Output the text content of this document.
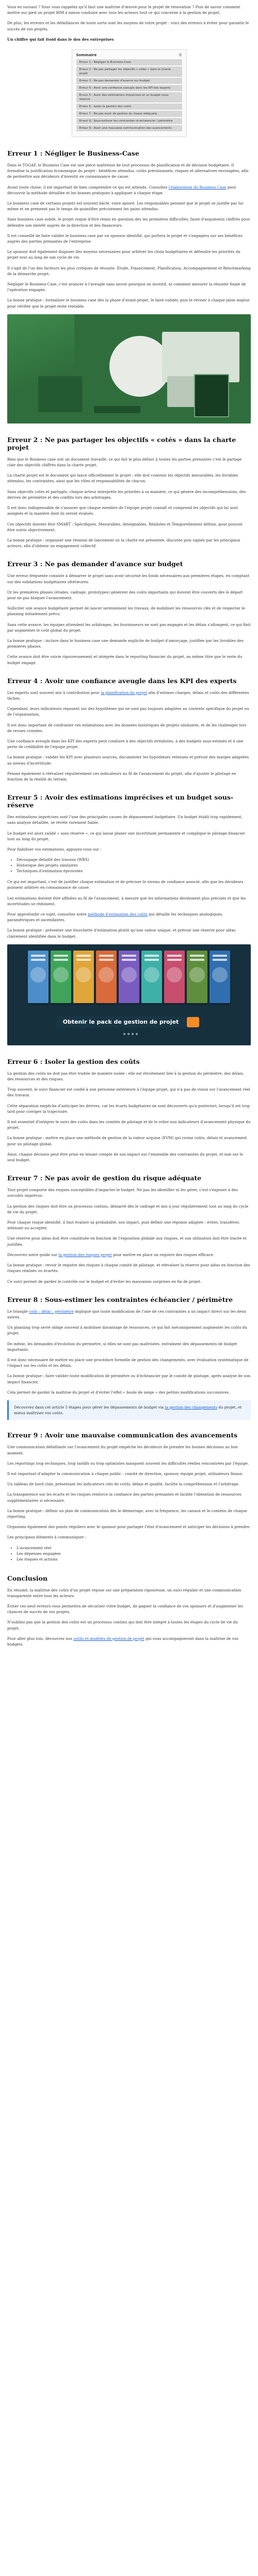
Vous en sursaut ? Vous vous rappelez qu'il faut une maîtrise d'œuvre pour le projet de rénovation ? Puis de savoir comment mettre sur pied un projet BIM à mieux conduire avec tous les acteurs tout ce qui concerne à la gestion de projet.

De plus, les erreurs et les défaillances de toute sorte sont les moyens de votre projet : voici des erreurs à éviter pour garantir le succès de vos projets.

Un chiffre qui fait froid dans le dos des entreprises

Sommaire	☰
Erreur 1 : Négliger le Business-Case
Erreur 2 : Ne pas partager les objectifs « cotés » dans la charte projet
Erreur 3 : Ne pas demander d'avance sur budget
Erreur 4 : Avoir une confiance aveugle dans les KPI des experts
Erreur 5 : Avoir des estimations imprécises et un budget sous-réserve
Erreur 6 : Isoler la gestion des coûts
Erreur 7 : Ne pas avoir de gestion du risque adéquate
Erreur 8 : Sous-estimer les contraintes ré-échéancier / périmètre
Erreur 9 : Avoir une mauvaise communication des avancements
Erreur 1 : Négliger le Business-Case

Dans le TOGAF, le Business Case est une pièce maîtresse de tout processus de planification et de décision budgétaire. Il formalise la justification économique du projet : bénéfices attendus, coûts prévisionnels, risques et alternatives envisagées, afin de permettre aux décideurs d'investir en connaissance de cause.

Avant toute chose, il est important de bien comprendre ce qui est attendu. Consultez l'élaboration du Business Case pour découvrir la méthode détaillée et les bonnes pratiques à appliquer à chaque étape.

Le business case de certains projets est souvent bâclé, voire ignoré. Les responsables pensent que le projet se justifie par lui-même et ne prennent pas le temps de quantifier précisément les gains attendus.

Sans business case solide, le projet risque d'être remis en question dès les premières difficultés, faute d'arguments chiffrés pour défendre son intérêt auprès de la direction et des financeurs.

Il est conseillé de faire valider le business case par un sponsor identifié, qui portera le projet et s'engagera sur ses bénéfices auprès des parties prenantes de l'entreprise.

Le sponsor doit également disposer des moyens nécessaires pour arbitrer les choix budgétaires et défendre les priorités du projet tout au long de son cycle de vie.

Il s'agit de l'un des facteurs les plus critiques de réussite. Étude, Financement, Planification, Accompagnement et Benchmarking de la démarche projet.

Négliger le Business-Case, c'est avancer à l'aveugle sans savoir pourquoi on investit, ni comment mesurer la réussite finale de l'opération engagée.

La bonne pratique : formaliser le business case dès la phase d'avant-projet, le faire valider, puis le réviser à chaque jalon majeur pour vérifier que le projet reste rentable.

Erreur 2 : Ne pas partager les objectifs « cotés » dans la charte projet

Bien que le Business case soit un document travaillé, ce qui fait le plus défaut à toutes les parties prenantes c'est le partage clair des objectifs chiffrés dans la charte projet.

La charte projet est le document qui lance officiellement le projet : elle doit contenir les objectifs mesurables, les livrables attendus, les contraintes, ainsi que les rôles et responsabilités de chacun.

Sans objectifs cotés et partagés, chaque acteur interprète les priorités à sa manière, ce qui génère des incompréhensions, des dérives de périmètre et des conflits lors des arbitrages.

Il est donc indispensable de s'assurer que chaque membre de l'équipe projet connaît et comprend les objectifs qui lui sont assignés et la manière dont ils seront évalués.

Ces objectifs doivent être SMART : Spécifiques, Mesurables, Atteignables, Réalistes et Temporellement définis, pour pouvoir être suivis objectivement.

La bonne pratique : organiser une réunion de lancement où la charte est présentée, discutée puis signée par les principaux acteurs, afin d'obtenir un engagement collectif.

Erreur 3 : Ne pas demander d'avance sur budget

Une erreur fréquente consiste à démarrer le projet sans avoir sécurisé les fonds nécessaires aux premières étapes, en comptant sur des validations budgétaires ultérieures.

Or les premières phases (études, cadrage, prototypes) génèrent des coûts importants qui doivent être couverts dès le départ pour ne pas bloquer l'avancement.

Solliciter une avance budgétaire permet de lancer sereinement les travaux, de mobiliser les ressources clés et de respecter le planning initialement prévu.

Sans cette avance, les équipes attendent les arbitrages, les fournisseurs ne sont pas engagés et les délais s'allongent, ce qui finit par augmenter le coût global du projet.

La bonne pratique : inclure dans le business case une demande explicite de budget d'amorçage, justifiée par les livrables des premières phases.

Cette avance doit être suivie rigoureusement et intégrée dans le reporting financier du projet, au même titre que le reste du budget engagé.

Erreur 4 : Avoir une confiance aveugle dans les KPI des experts

Les experts sont souvent mis à contribution pour la planification du projet afin d'estimer charges, délais et coûts des différentes tâches.

Cependant, leurs indicateurs reposent sur des hypothèses qui ne sont pas toujours adaptées au contexte spécifique du projet ou de l'organisation.

Il est donc important de confronter ces estimations avec les données historiques de projets similaires, et de les challenger lors de revues croisées.

Une confiance aveugle dans les KPI des experts peut conduire à des objectifs irréalistes, à des budgets sous-estimés et à une perte de crédibilité de l'équipe projet.

La bonne pratique : valider les KPI avec plusieurs sources, documenter les hypothèses retenues et prévoir des marges adaptées au niveau d'incertitude.

Pensez également à réévaluer régulièrement ces indicateurs au fil de l'avancement du projet, afin d'ajuster le pilotage en fonction de la réalité du terrain.

Erreur 5 : Avoir des estimations imprécises et un budget sous-réserve

Des estimations imprécises sont l'une des principales causes de dépassement budgétaire. Un budget établi trop rapidement, sans analyse détaillée, se révèle rarement fiable.

Le budget est alors validé « sous réserve », ce qui laisse planer une incertitude permanente et complique le pilotage financier tout au long du projet.

Pour fiabiliser vos estimations, appuyez-vous sur :

• Découpage détaillé des travaux (WBS)
• Historique des projets similaires
• Techniques d'estimation éprouvées

Ce qui est important, c'est de justifier chaque estimation et de préciser le niveau de confiance associé, afin que les décideurs puissent arbitrer en connaissance de cause.

Les estimations doivent être affinées au fil de l'avancement, à mesure que les informations deviennent plus précises et que les incertitudes se réduisent.

Pour approfondir ce sujet, consultez notre méthode d'estimation des coûts qui détaille les techniques analogiques, paramétriques et ascendantes.

La bonne pratique : présenter une fourchette d'estimation plutôt qu'une valeur unique, et prévoir une réserve pour aléas clairement identifiée dans le budget.

Obtenir le pack de gestion de projet
Erreur 6 : Isoler la gestion des coûts

La gestion des coûts ne doit pas être traitée de manière isolée : elle est étroitement liée à la gestion du périmètre, des délais, des ressources et des risques.

Trop souvent, le suivi financier est confié à une personne extérieure à l'équipe projet, qui n'a pas de vision sur l'avancement réel des travaux.

Cette séparation empêche d'anticiper les dérives, car les écarts budgétaires ne sont découverts qu'a posteriori, lorsqu'il est trop tard pour corriger la trajectoire.

Il est essentiel d'intégrer le suivi des coûts dans les comités de pilotage et de le relier aux indicateurs d'avancement physique du projet.

La bonne pratique : mettre en place une méthode de gestion de la valeur acquise (EVM) qui croise coûts, délais et avancement pour un pilotage global.

Ainsi, chaque décision peut être prise en tenant compte de son impact sur l'ensemble des contraintes du projet, et non sur le seul budget.

Erreur 7 : Ne pas avoir de gestion du risque adéquate

Tout projet comporte des risques susceptibles d'impacter le budget. Ne pas les identifier ni les gérer, c'est s'exposer à des surcoûts imprévus.

La gestion des risques doit être un processus continu, démarré dès le cadrage et mis à jour régulièrement tout au long du cycle de vie du projet.

Pour chaque risque identifié, il faut évaluer sa probabilité, son impact, puis définir une réponse adaptée : éviter, transférer, atténuer ou accepter.

Une réserve pour aléas doit être constituée en fonction de l'exposition globale aux risques, et son utilisation doit être tracée et justifiée.

Découvrez notre guide sur la gestion des risques projet pour mettre en place un registre des risques efficace.

La bonne pratique : revoir le registre des risques à chaque comité de pilotage, et réévaluer la réserve pour aléas en fonction des risques réalisés ou écartés.

Ce suivi permet de garder le contrôle sur le budget et d'éviter les mauvaises surprises en fin de projet.

Erreur 8 : Sous-estimer les contraintes échéancier / périmètre

Le triangle coût – délai – périmètre implique que toute modification de l'une de ces contraintes a un impact direct sur les deux autres.

Un planning trop serré oblige souvent à mobiliser davantage de ressources, ce qui fait mécaniquement augmenter les coûts du projet.

De même, les demandes d'évolution du périmètre, si elles ne sont pas maîtrisées, entraînent des dépassements de budget importants.

Il est donc nécessaire de mettre en place une procédure formelle de gestion des changements, avec évaluation systématique de l'impact sur les coûts et les délais.

La bonne pratique : faire valider toute modification de périmètre ou d'échéancier par le comité de pilotage, après analyse de son impact financier.

Cela permet de garder la maîtrise du projet et d'éviter l'effet « boule de neige » des petites modifications successives.

Découvrez dans cet article 5 étapes pour gérer les dépassements de budget via la gestion des changements du projet, et mieux maîtriser vos coûts.

Erreur 9 : Avoir une mauvaise communication des avancements

Une communication défaillante sur l'avancement du projet empêche les décideurs de prendre les bonnes décisions au bon moment.

Les reportings trop techniques, trop tardifs ou trop optimistes masquent souvent les difficultés réelles rencontrées par l'équipe.

Il est important d'adapter la communication à chaque public : comité de direction, sponsor, équipe projet, utilisateurs finaux.

Un tableau de bord clair, présentant les indicateurs clés de coûts, délais et qualité, facilite la compréhension et l'arbitrage.

La transparence sur les écarts et les risques renforce la confiance des parties prenantes et facilite l'obtention de ressources supplémentaires si nécessaire.

La bonne pratique : définir un plan de communication dès le démarrage, avec la fréquence, les canaux et le contenu de chaque reporting.

Organisez également des points réguliers avec le sponsor pour partager l'état d'avancement et anticiper les décisions à prendre.

Les principaux éléments à communiquer :

• L'avancement réel
• Les dépenses engagées
• Les risques et actions
Conclusion

En résumé, la maîtrise des coûts d'un projet repose sur une préparation rigoureuse, un suivi régulier et une communication transparente entre tous les acteurs.

Éviter ces neuf erreurs vous permettra de sécuriser votre budget, de gagner la confiance de vos sponsors et d'augmenter les chances de succès de vos projets.

N'oubliez pas que la gestion des coûts est un processus continu qui doit être intégré à toutes les étapes du cycle de vie du projet.

Pour aller plus loin, découvrez nos outils et modèles de gestion de projet qui vous accompagneront dans la maîtrise de vos budgets.
